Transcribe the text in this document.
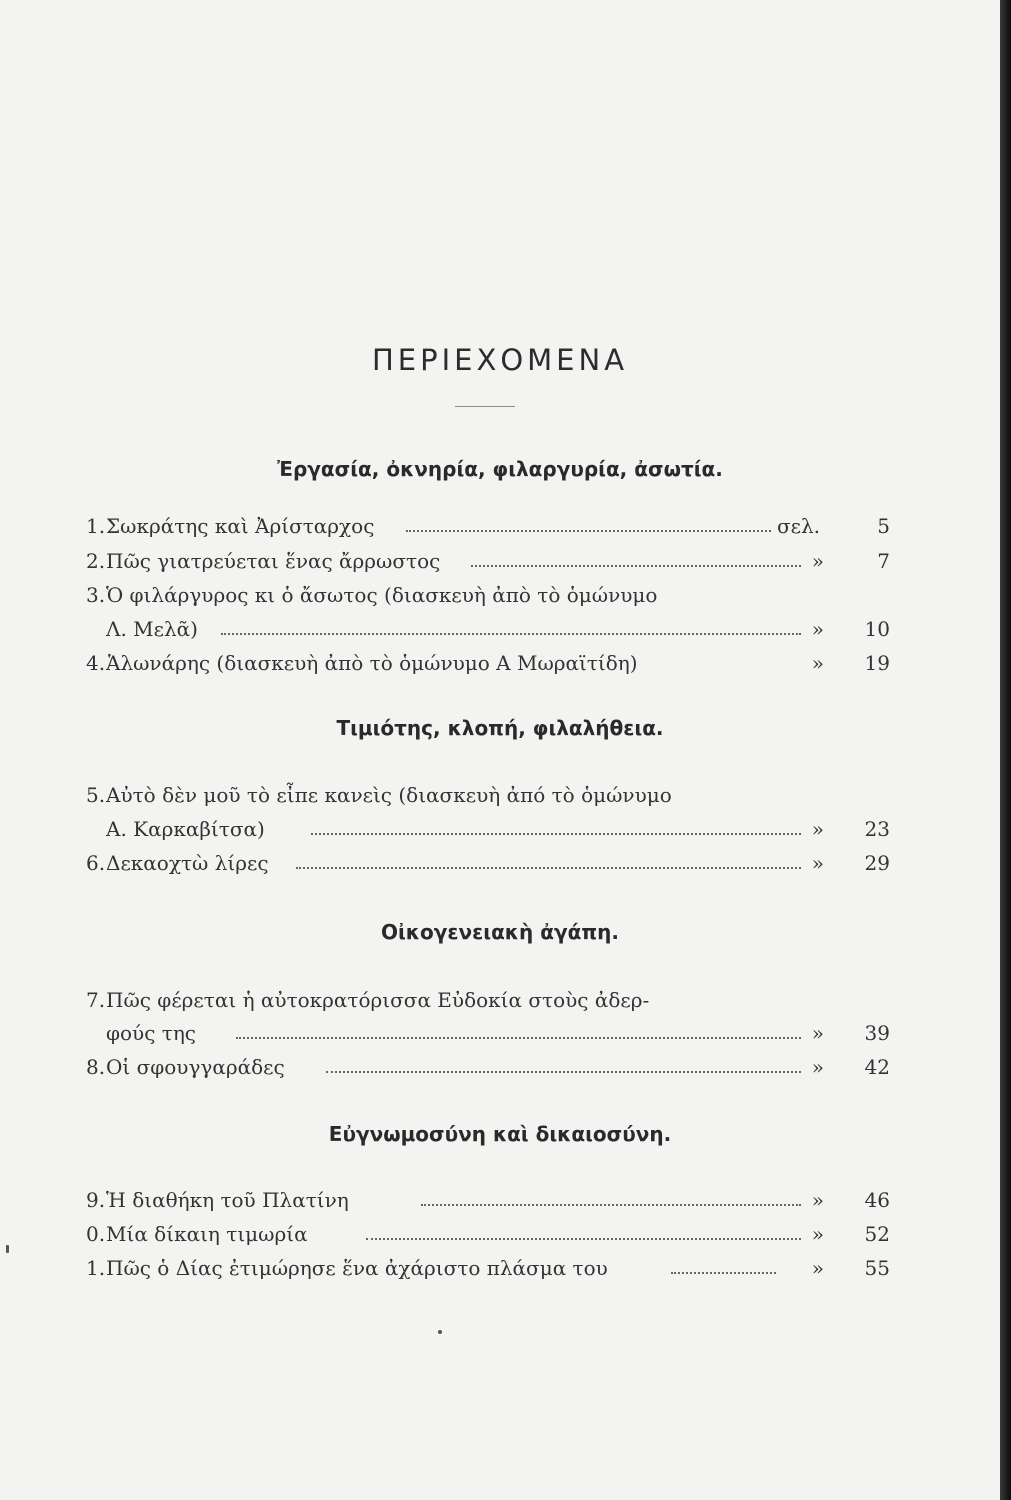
ΠΕΡΙΕΧΟΜΕΝΑ
Ἐργασία, ὀκνηρία, φιλαργυρία, ἀσωτία.
1. Σωκράτης καὶ Ἀρίσταρχος	σελ.	5
2. Πῶς γιατρεύεται ἕνας ἄρρωστος	»	7
3. Ὁ φιλάργυρος κι ὁ ἄσωτος (διασκευὴ ἀπὸ τὸ ὁμώνυμο
Λ. Μελᾶ)	» 10
4. Ἁλωνάρης (διασκευὴ ἀπὸ τὸ ὁμώνυμο Α Μωραϊτίδη)	» 19
Τιμιότης, κλοπή, φιλαλήθεια.
5. Αὐτὸ δὲν μοῦ τὸ εἶπε κανεὶς (διασκευὴ ἀπό τὸ ὁμώνυμο
Α. Καρκαβίτσα)	» 23
6. Δεκαοχτὼ λίρες	» 29
Οἰκογενειακὴ ἀγάπη.
7. Πῶς φέρεται ἡ αὐτοκρατόρισσα Εὐδοκία στοὺς ἀδερ-
φούς της	» 39
8. Οἱ σφουγγαράδες	» 42
Εὐγνωμοσύνη καὶ δικαιοσύνη.
9. Ἡ διαθήκη τοῦ Πλατίνη	» 46
0. Μία δίκαιη τιμωρία	» 52
1. Πῶς ὁ Δίας ἐτιμώρησε ἕνα ἀχάριστο πλάσμα του	» 55
